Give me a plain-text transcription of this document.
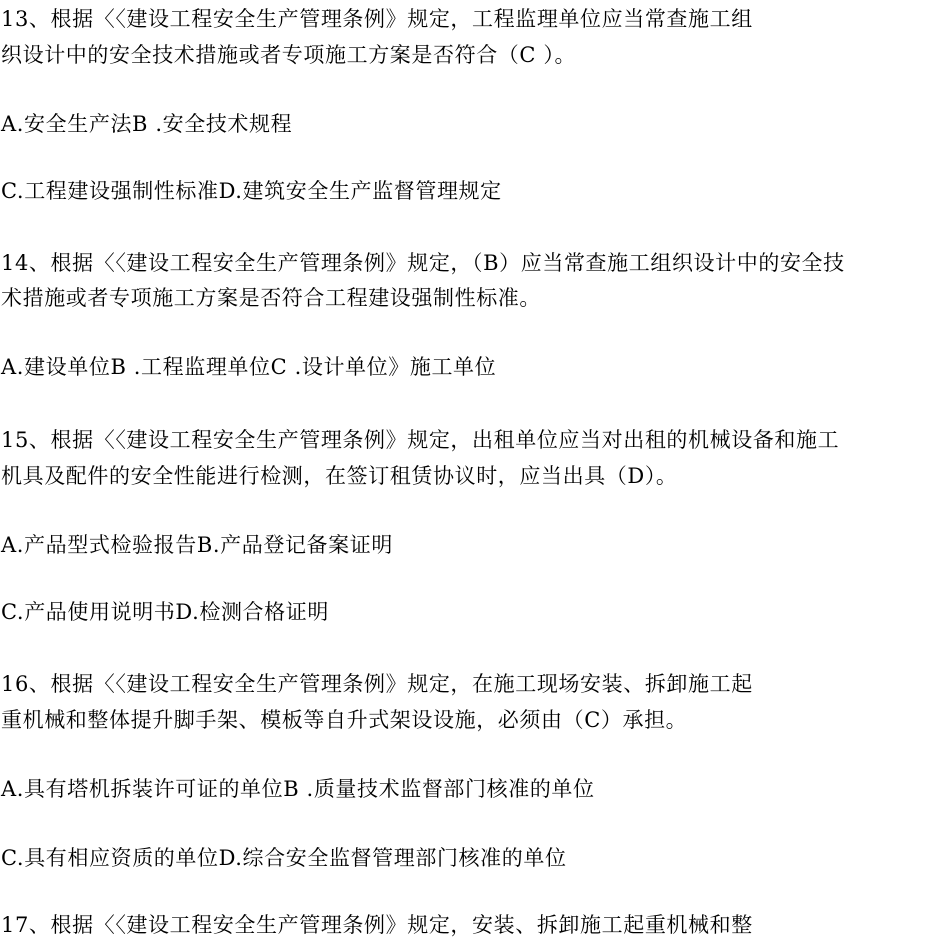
13、根据〈〈建设工程安全生产管理条例》规定，工程监理单位应当常查施工组
织设计中的安全技术措施或者专项施工方案是否符合（C ）。
A.安全生产法B .安全技术规程
C.工程建设强制性标准D.建筑安全生产监督管理规定
14、根据〈〈建设工程安全生产管理条例》规定，（B）应当常查施工组织设计中的安全技
术措施或者专项施工方案是否符合工程建设强制性标准。
A.建设单位B .工程监理单位C .设计单位》施工单位
15、根据〈〈建设工程安全生产管理条例》规定，出租单位应当对出租的机械设备和施工
机具及配件的安全性能进行检测，在签订租赁协议时，应当出具（D）。
A.产品型式检验报告B.产品登记备案证明
C.产品使用说明书D.检测合格证明
16、根据〈〈建设工程安全生产管理条例》规定，在施工现场安装、拆卸施工起
重机械和整体提升脚手架、模板等自升式架设设施，必须由（C）承担。
A.具有塔机拆装许可证的单位B .质量技术监督部门核准的单位
C.具有相应资质的单位D.综合安全监督管理部门核准的单位
17、根据〈〈建设工程安全生产管理条例》规定，安装、拆卸施工起重机械和整
